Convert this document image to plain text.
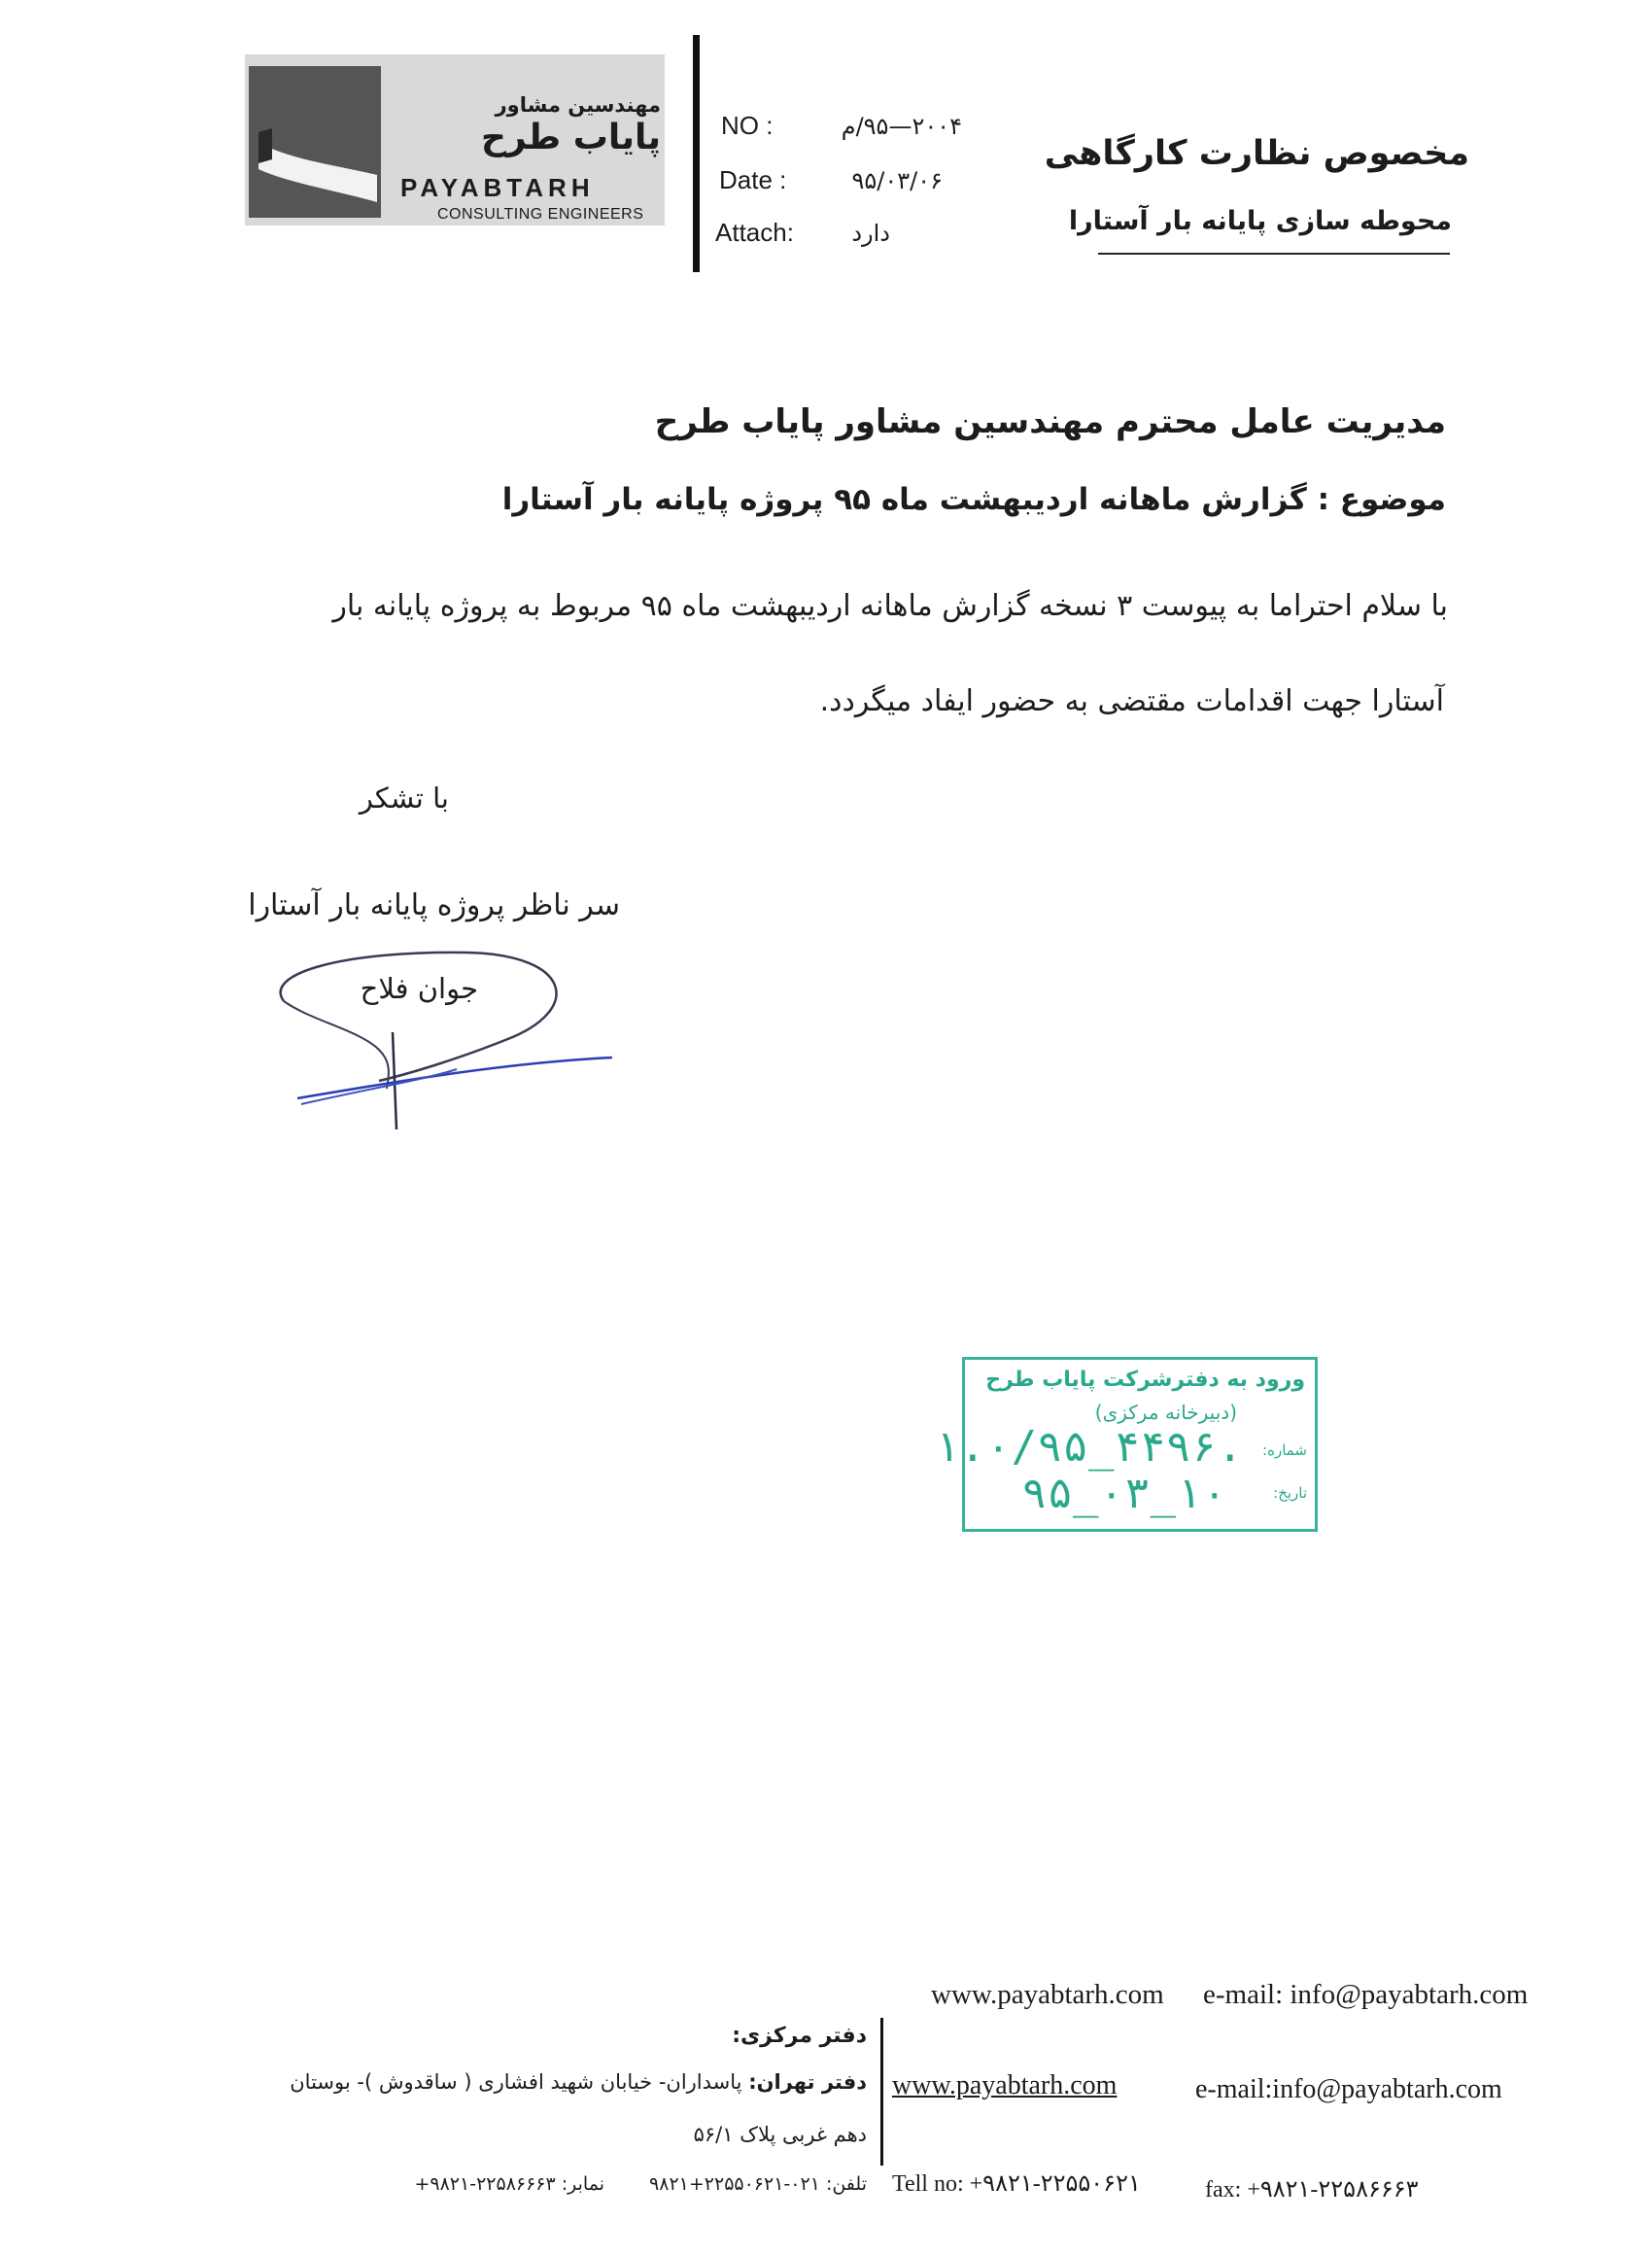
مهندسین مشاور
پایاب طرح
PAYABTARH
CONSULTING ENGINEERS
NO :	۲۰۰۴—۹۵/م
Date :	۹۵/۰۳/۰۶
Attach:	دارد
مخصوص نظارت کارگاهی
محوطه سازی پایانه بار آستارا
مدیریت عامل محترم مهندسین مشاور پایاب طرح
موضوع : گزارش ماهانه اردیبهشت ماه ۹۵ پروژه پایانه بار آستارا
با سلام احتراما به پیوست ۳ نسخه گزارش ماهانه اردیبهشت ماه ۹۵ مربوط به پروژه پایانه بار
آستارا جهت اقدامات مقتضی به حضور ایفاد میگردد.
با تشکر
سر ناظر پروژه پایانه بار آستارا
جوان فلاح
ورود به دفترشرکت پایاب طرح
(دبیرخانه مرکزی)
شماره:
۱.۰/۹۵_۴۴۹۶.
تاریخ:
۹۵_۰۳_۱۰
www.payabtarh.com e-mail: info@payabtarh.com
دفتر مرکزی:
دفتر تهران: پاسداران- خیابان شهید افشاری ( ساقدوش )- بوستان
دهم غربی پلاک ۵۶/۱
تلفن: ۰۲۱-۲۲۵۵۰۶۲۱+۹۸۲۱
نمابر: ۲۲۵۸۶۶۶۳-۹۸۲۱+
www.payabtarh.com	e-mail:info@payabtarh.com
Tell no: +۹۸۲۱-۲۲۵۵۰۶۲۱	fax: +۹۸۲۱-۲۲۵۸۶۶۶۳
